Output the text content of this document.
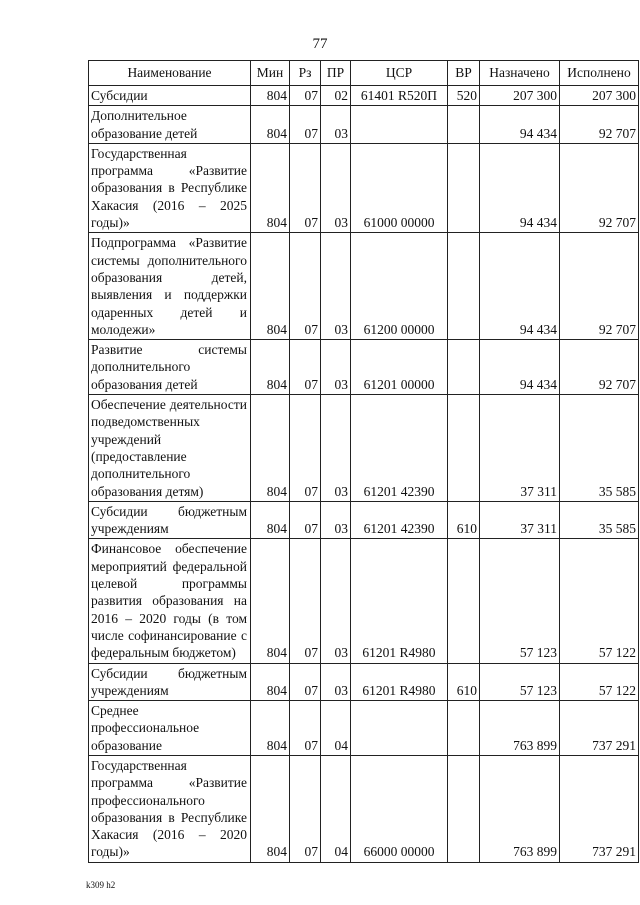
77
Наименование	Мин	Рз	ПР	ЦСР	ВР	Назначено	Исполнено
Субсидии	804	07	02	61401 R520П	520	207 300	207 300
Дополнительное образование детей	804	07	03			94 434	92 707
Государственная программа «Развитие образования в Республике Хакасия (2016 – 2025 годы)»	804	07	03	61000 00000		94 434	92 707
Подпрограмма «Развитие системы дополнительного образования детей, выявления и поддержки одаренных детей и молодежи»	804	07	03	61200 00000		94 434	92 707
Развитие системы дополнительного образования детей	804	07	03	61201 00000		94 434	92 707
Обеспечение деятельности подведомственных учреждений (предоставление дополнительного образования детям)	804	07	03	61201 42390		37 311	35 585
Субсидии бюджетным учреждениям	804	07	03	61201 42390	610	37 311	35 585
Финансовое обеспечение мероприятий федеральной целевой программы развития образования на 2016 – 2020 годы (в том числе софинансирование с федеральным бюджетом)	804	07	03	61201 R4980		57 123	57 122
Субсидии бюджетным учреждениям	804	07	03	61201 R4980	610	57 123	57 122
Среднее профессиональное образование	804	07	04			763 899	737 291
Государственная программа «Развитие профессионального образования в Республике Хакасия (2016 – 2020 годы)»	804	07	04	66000 00000		763 899	737 291
k309 h2
